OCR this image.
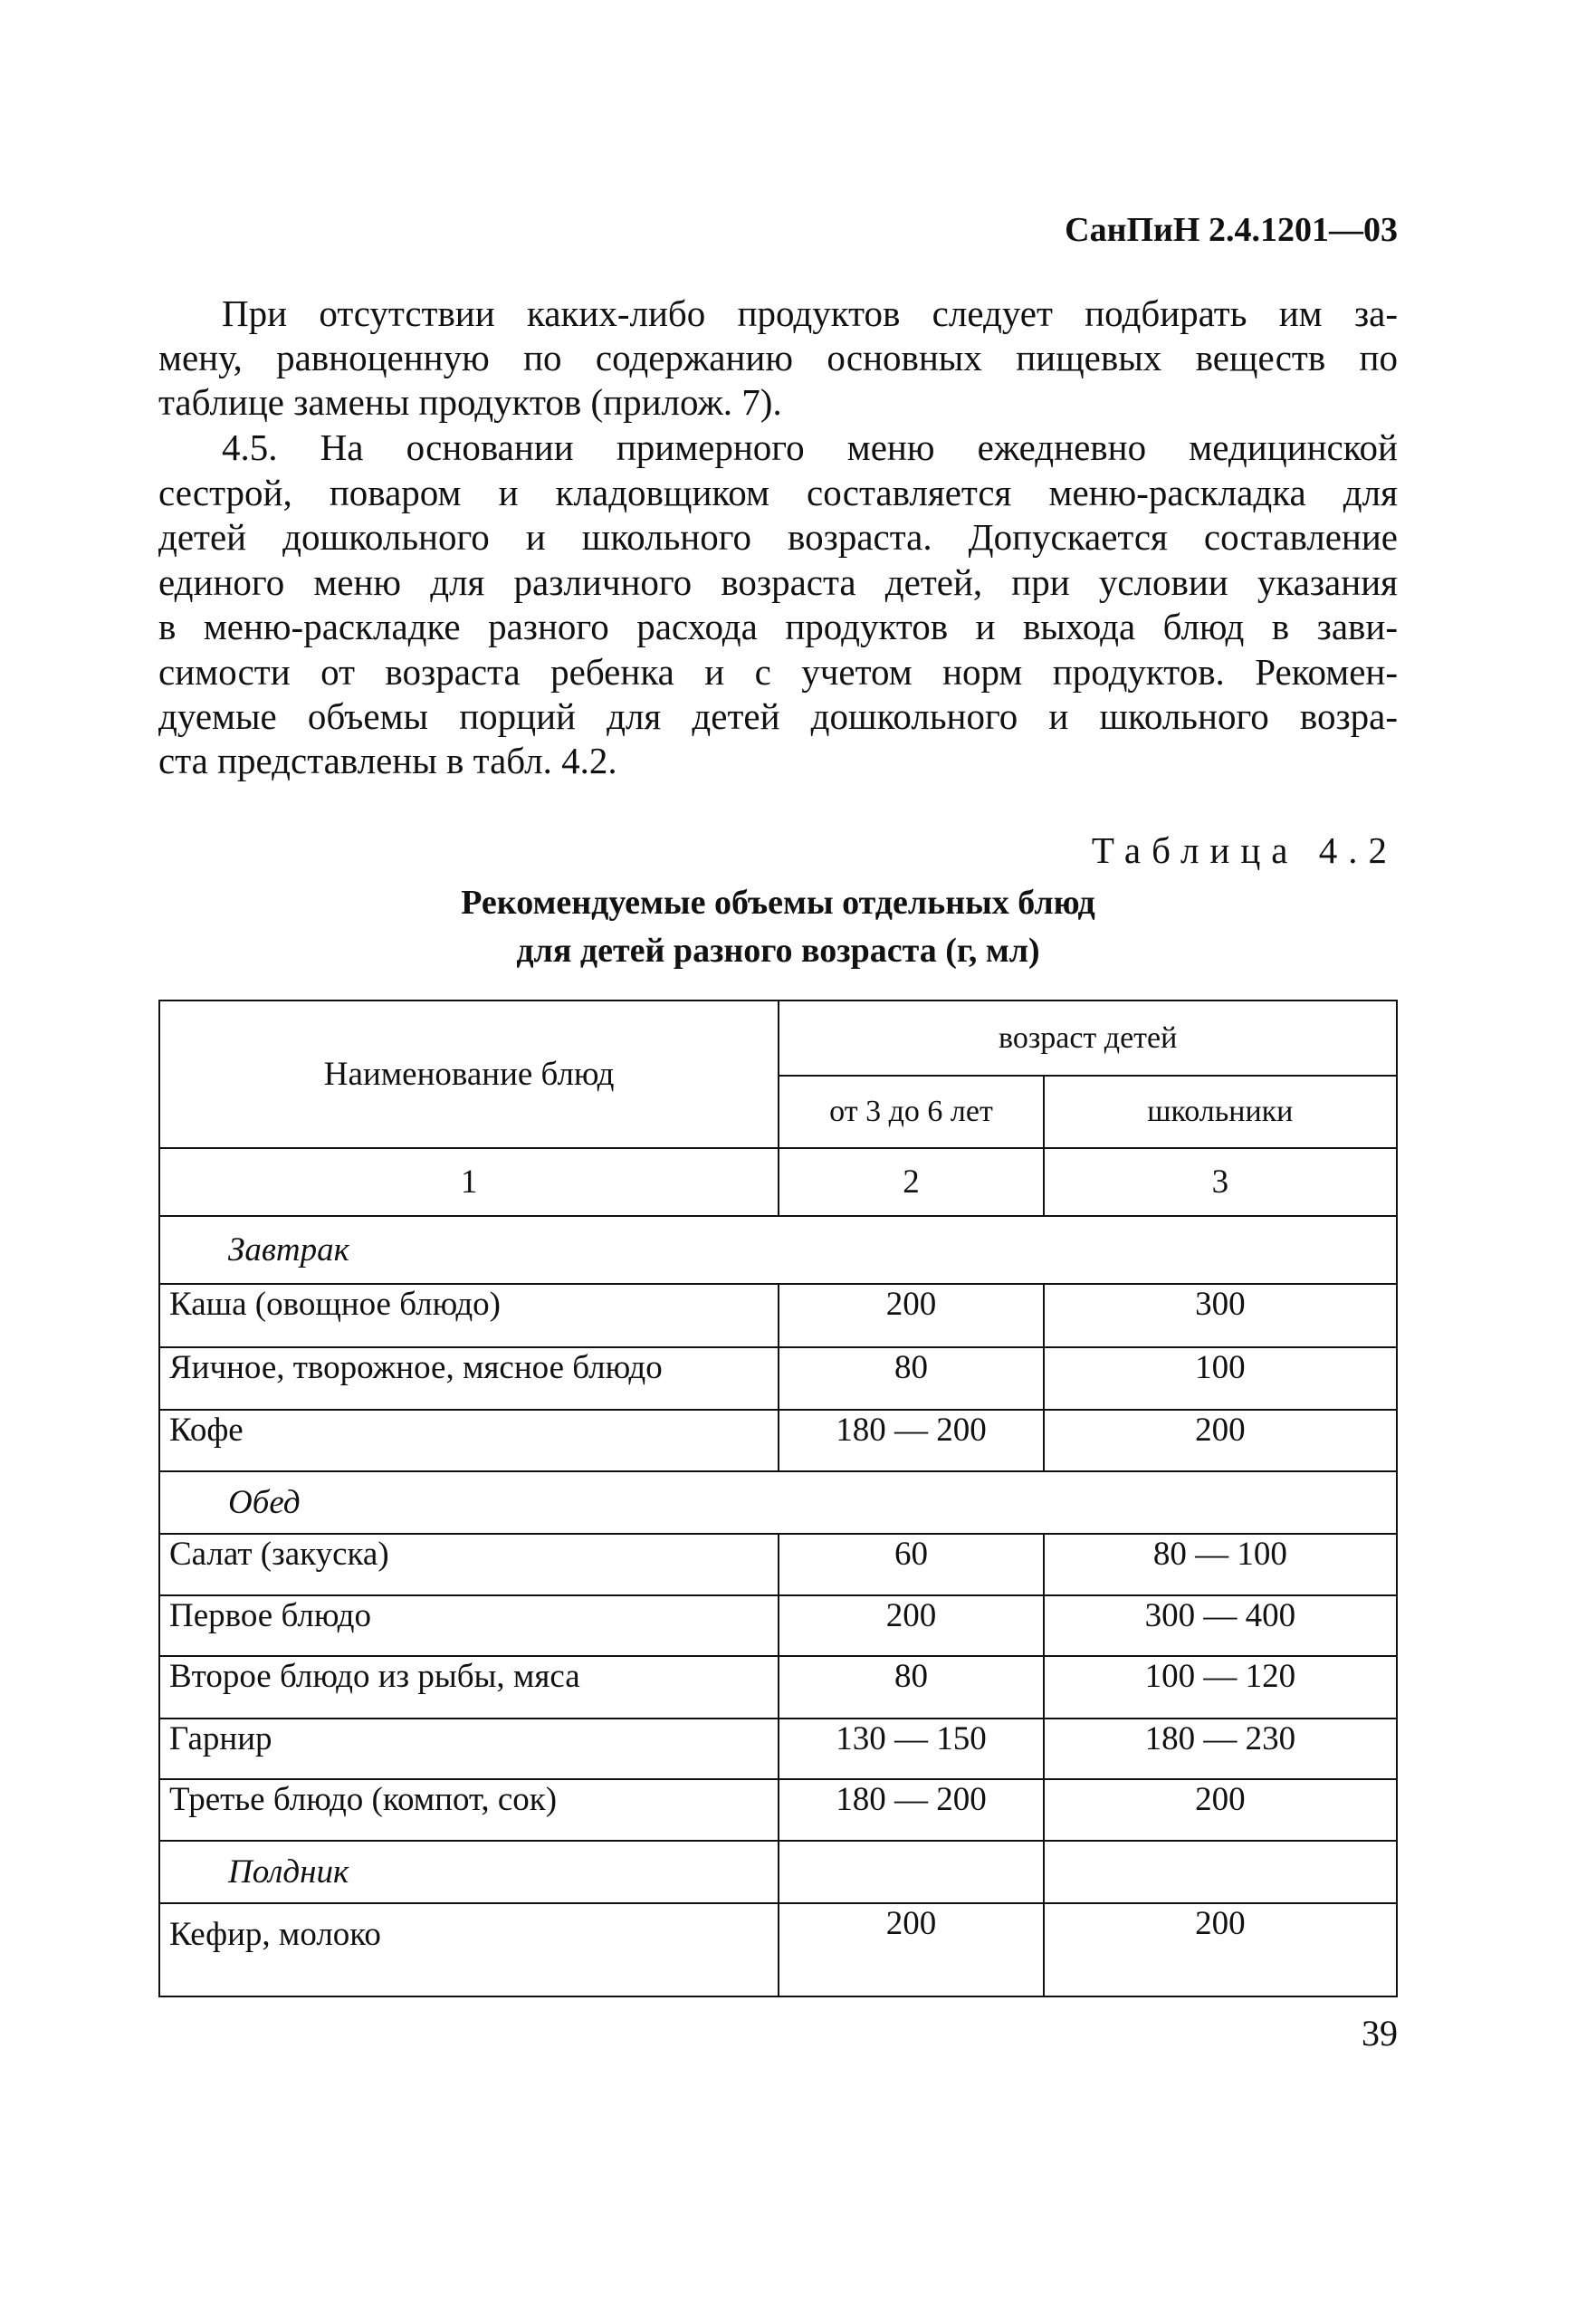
СанПиН 2.4.1201—03
При отсутствии каких-либо продуктов следует подбирать им за-
мену, равноценную по содержанию основных пищевых веществ по
таблице замены продуктов (прилож. 7).
4.5. На основании примерного меню ежедневно медицинской
сестрой, поваром и кладовщиком составляется меню-раскладка для
детей дошкольного и школьного возраста. Допускается составление
единого меню для различного возраста детей, при условии указания
в меню-раскладке разного расхода продуктов и выхода блюд в зави-
симости от возраста ребенка и с учетом норм продуктов. Рекомен-
дуемые объемы порций для детей дошкольного и школьного возра-
ста представлены в табл. 4.2.
Таблица 4.2
Рекомендуемые объемы отдельных блюд
для детей разного возраста (г, мл)
Наименование блюд	возраст детей	
	от 3 до 6 лет	школьники
1	2	3
Завтрак		
Каша (овощное блюдо)	200	300
Яичное, творожное, мясное блюдо	80	100
Кофе	180 — 200	200
Обед		
Салат (закуска)	60	80 — 100
Первое блюдо	200	300 — 400
Второе блюдо из рыбы, мяса	80	100 — 120
Гарнир	130 — 150	180 — 230
Третье блюдо (компот, сок)	180 — 200	200
Полдник		
Кефир, молоко	200	200
39
